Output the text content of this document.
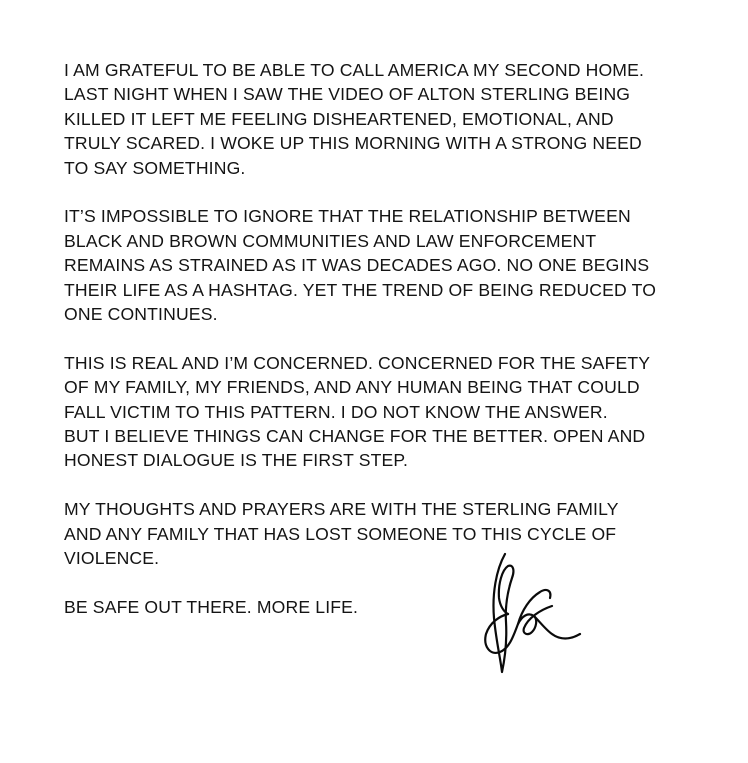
I AM GRATEFUL TO BE ABLE TO CALL AMERICA MY SECOND HOME.
LAST NIGHT WHEN I SAW THE VIDEO OF ALTON STERLING BEING
KILLED IT LEFT ME FEELING DISHEARTENED, EMOTIONAL, AND
TRULY SCARED. I WOKE UP THIS MORNING WITH A STRONG NEED
TO SAY SOMETHING.

IT’S IMPOSSIBLE TO IGNORE THAT THE RELATIONSHIP BETWEEN
BLACK AND BROWN COMMUNITIES AND LAW ENFORCEMENT
REMAINS AS STRAINED AS IT WAS DECADES AGO. NO ONE BEGINS
THEIR LIFE AS A HASHTAG. YET THE TREND OF BEING REDUCED TO
ONE CONTINUES.

THIS IS REAL AND I’M CONCERNED. CONCERNED FOR THE SAFETY
OF MY FAMILY, MY FRIENDS, AND ANY HUMAN BEING THAT COULD
FALL VICTIM TO THIS PATTERN. I DO NOT KNOW THE ANSWER.
BUT I BELIEVE THINGS CAN CHANGE FOR THE BETTER. OPEN AND
HONEST DIALOGUE IS THE FIRST STEP.

MY THOUGHTS AND PRAYERS ARE WITH THE STERLING FAMILY
AND ANY FAMILY THAT HAS LOST SOMEONE TO THIS CYCLE OF
VIOLENCE.

BE SAFE OUT THERE. MORE LIFE.
